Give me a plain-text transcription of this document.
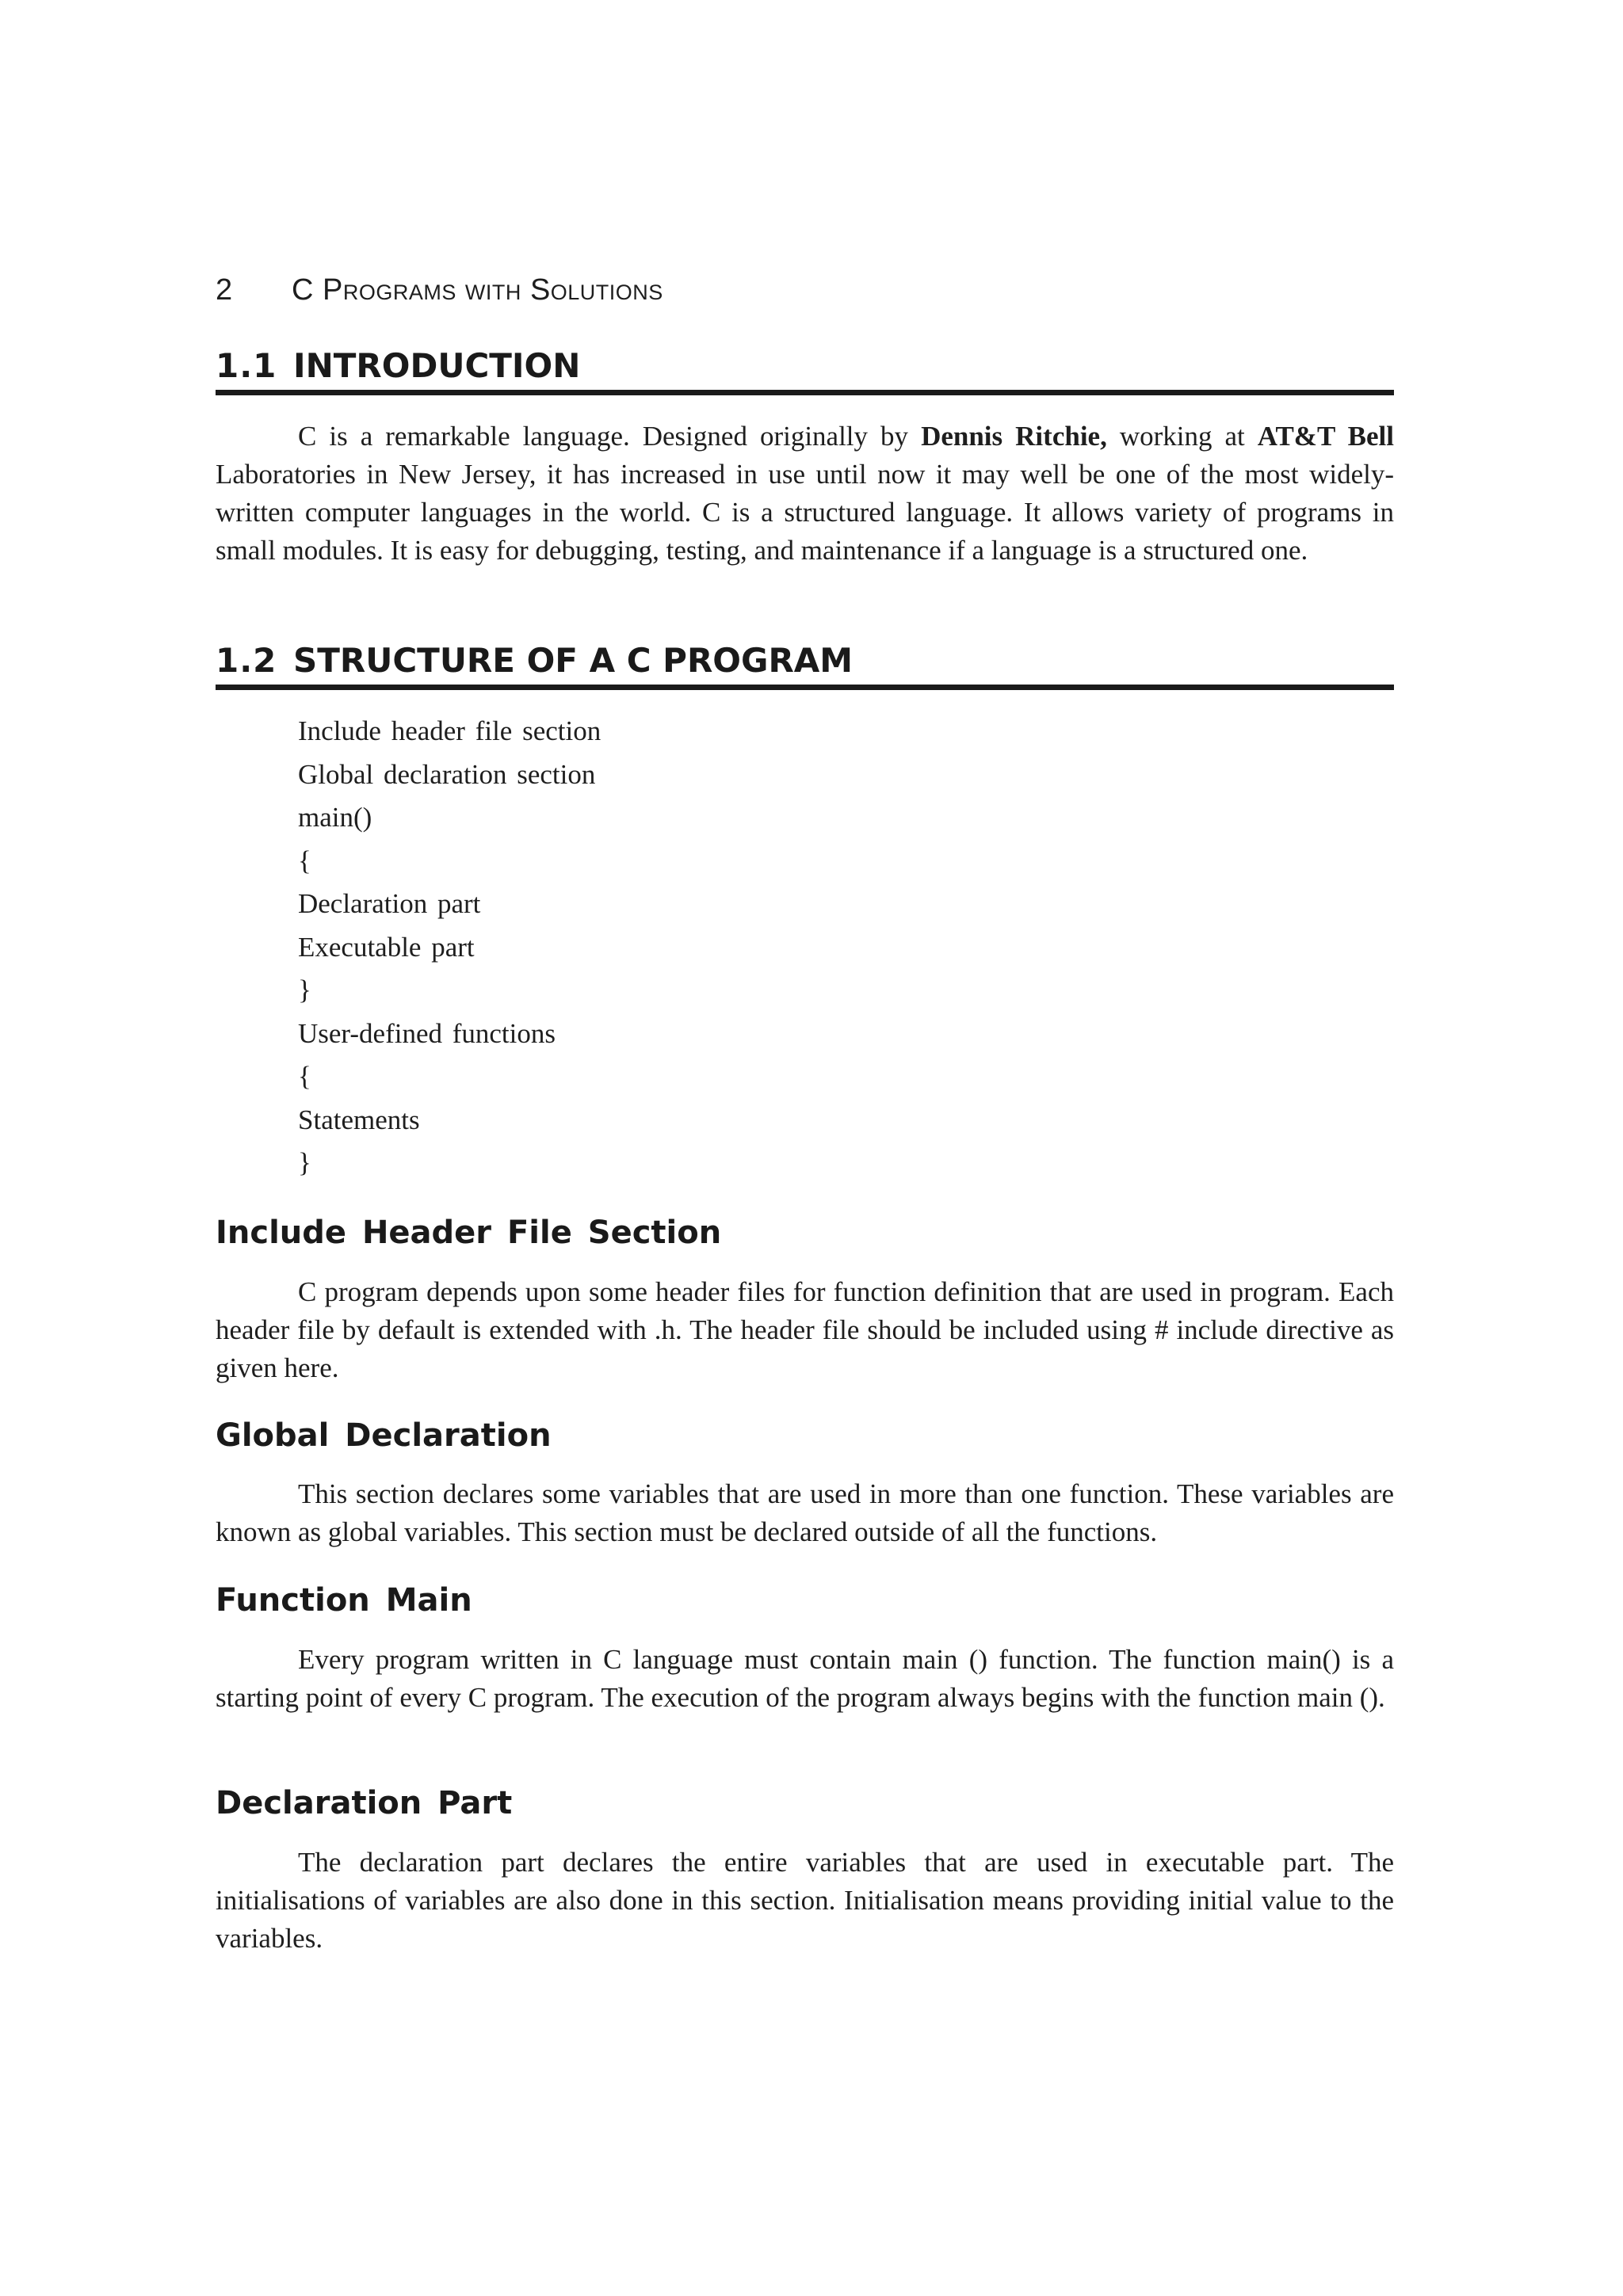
2	C Programs with Solutions
1.1 INTRODUCTION

C is a remarkable language. Designed originally by Dennis Ritchie, working at AT&T Bell Laboratories in New Jersey, it has increased in use until now it may well be one of the most widely-written computer languages in the world. C is a structured language. It allows variety of programs in small modules. It is easy for debugging, testing, and maintenance if a language is a structured one.

1.2 STRUCTURE OF A C PROGRAM
Include header file section
Global declaration section
main()
{
Declaration part
Executable part
}
User-defined functions
{
Statements
}
Include Header File Section

C program depends upon some header files for function definition that are used in program. Each header file by default is extended with .h. The header file should be included using # include directive as given here.

Global Declaration

This section declares some variables that are used in more than one function. These variables are known as global variables. This section must be declared outside of all the functions.

Function Main

Every program written in C language must contain main () function. The function main() is a starting point of every C program. The execution of the program always begins with the function main ().

Declaration Part

The declaration part declares the entire variables that are used in executable part. The initialisations of variables are also done in this section. Initialisation means providing initial value to the variables.
